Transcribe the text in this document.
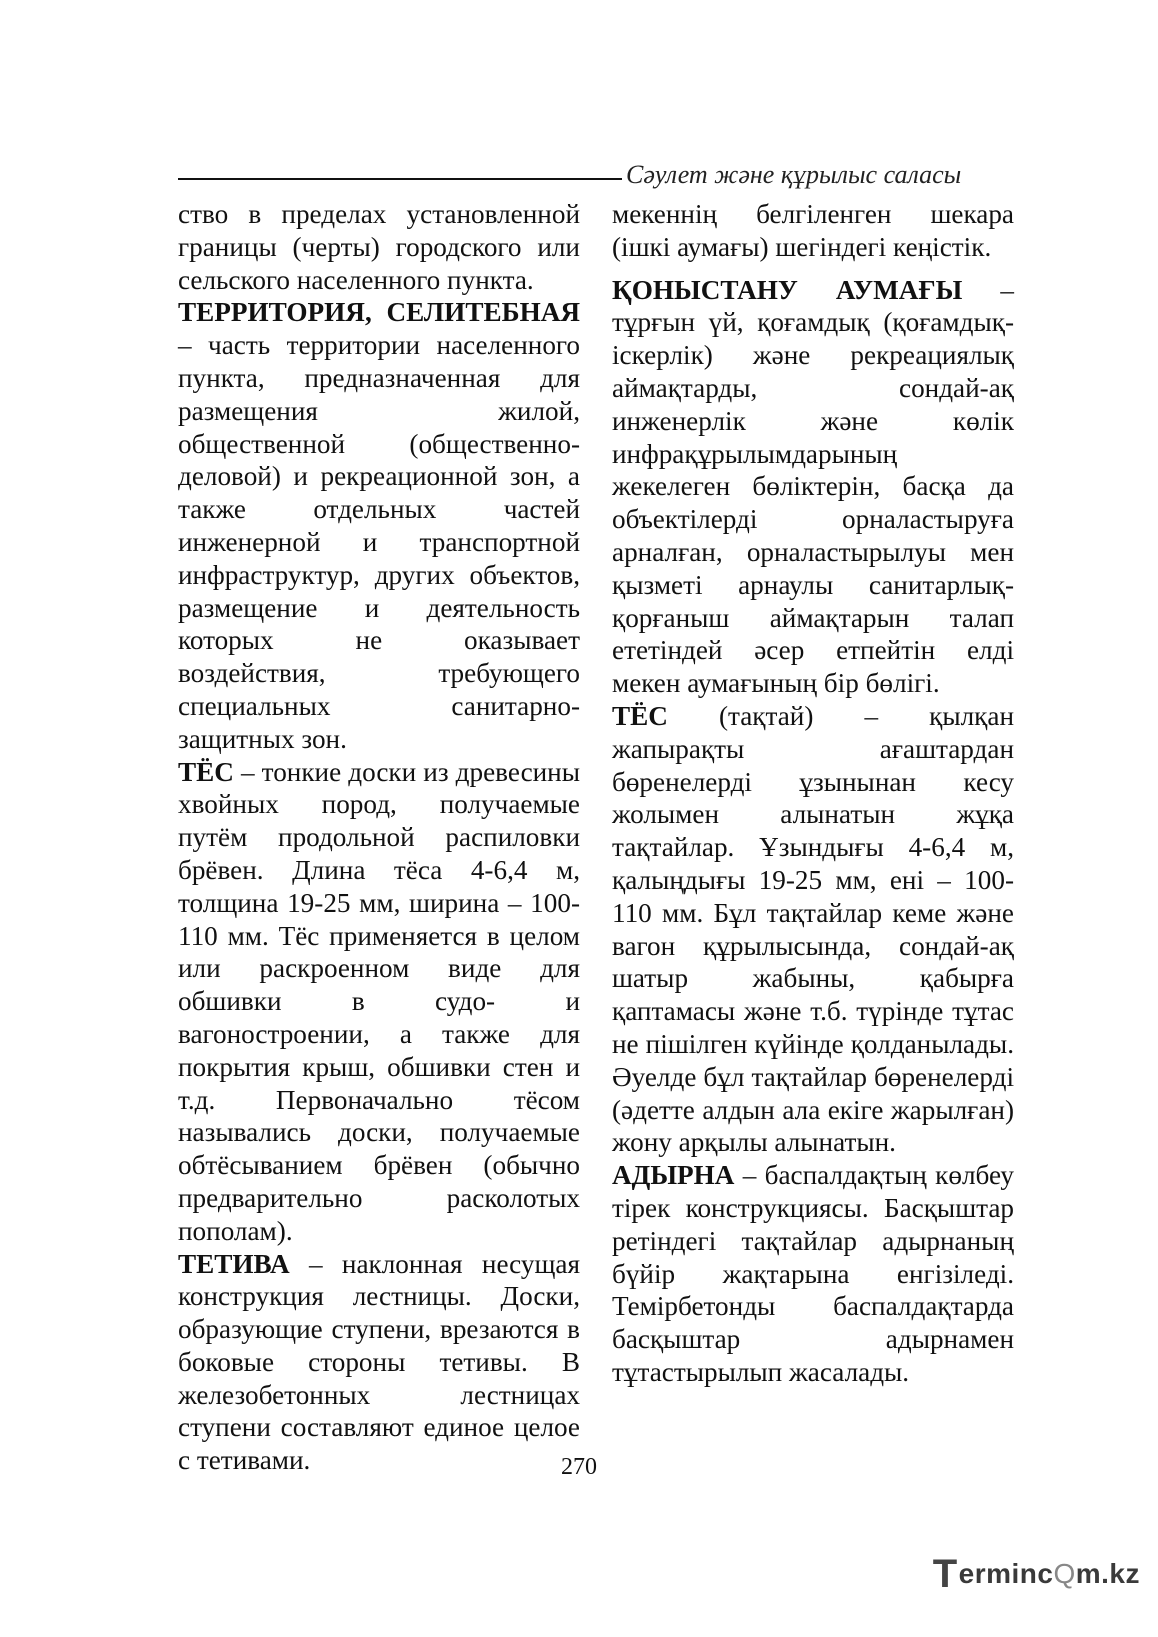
Сәулет және құрылыс саласы

ство в пределах установленной границы (черты) городского или сельского населенного пункта.

ТЕРРИТОРИЯ, СЕЛИТЕБНАЯ – часть территории населенного пункта, предназначенная для размещения жилой, общественной (общественно-деловой) и рекреационной зон, а также отдельных частей инженерной и транспортной инфраструктур, других объектов, размещение и деятельность которых не оказывает воздействия, требующего специальных санитарно-защитных зон.

ТЁС – тонкие доски из древесины хвойных пород, получаемые путём продольной распиловки брёвен. Длина тёса 4-6,4 м, толщина 19-25 мм, ширина – 100-110 мм. Тёс применяется в целом или раскроенном виде для обшивки в судо- и вагоностроении, а также для покрытия крыш, обшивки стен и т.д. Первоначально тёсом назывались доски, получаемые обтёсыванием брёвен (обычно предварительно расколотых пополам).

ТЕТИВА – наклонная несущая конструкция лестницы. Доски, образующие ступени, врезаются в боковые стороны тетивы. В железобетонных лестницах ступени составляют единое целое с тетивами.

мекеннің белгіленген шекара (ішкі аумағы) шегіндегі кеңістік.

ҚОНЫСТАНУ АУМАҒЫ – тұрғын үй, қоғамдық (қоғамдық-іскерлік) және рекреациялық аймақтарды, сондай-ақ инженерлік және көлік инфрақұрылымдарының жекелеген бөліктерін, басқа да объектілерді орналастыруға арналған, орналастырылуы мен қызметі арнаулы санитарлық-қорғаныш аймақтарын талап ететіндей әсер етпейтін елді мекен аумағының бір бөлігі.

ТЁС (тақтай) – қылқан жапырақты ағаштардан бөренелерді ұзынынан кесу жолымен алынатын жұқа тақтайлар. Ұзындығы 4-6,4 м, қалыңдығы 19-25 мм, ені – 100-110 мм. Бұл тақтайлар кеме және вагон құрылысында, сондай-ақ шатыр жабыны, қабырға қаптамасы және т.б. түрінде тұтас не пішілген күйінде қолданылады. Әуелде бұл тақтайлар бөренелерді (әдетте алдын ала екіге жарылған) жону арқылы алынатын.

АДЫРНА – баспалдақтың көлбеу тірек конструкциясы. Басқыштар ретіндегі тақтайлар адырнаның бүйір жақтарына енгізіледі. Темірбетонды баспалдақтарда басқыштар адырнамен тұтастырылып жасалады.

270
TermincQm.kz
